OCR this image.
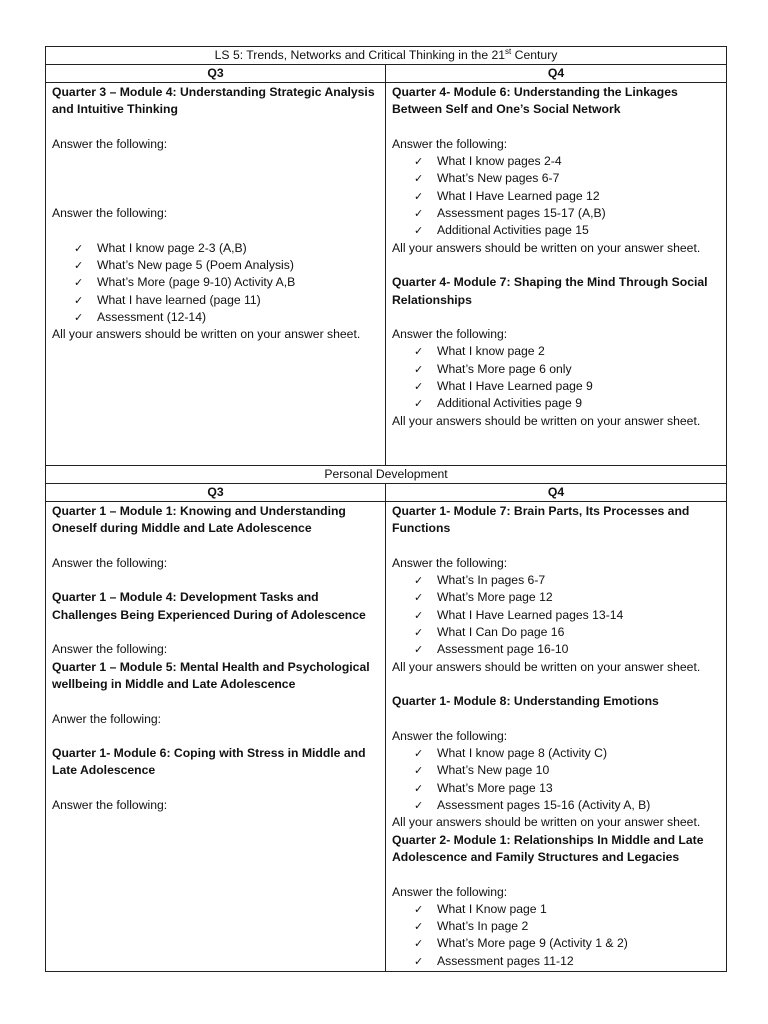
LS 5: Trends, Networks and Critical Thinking in the 21st Century
Q3	Q4
Quarter 3 – Module 4: Understanding Strategic Analysis and Intuitive Thinking
Answer the following:
Answer the following:
✓ What I know page 2-3 (A,B)
✓ What’s New page 5 (Poem Analysis)
✓ What’s More (page 9-10) Activity A,B
✓ What I have learned (page 11)
✓ Assessment (12-14)
All your answers should be written on your answer sheet.
Quarter 4- Module 6: Understanding the Linkages Between Self and One’s Social Network
Answer the following:
✓ What I know pages 2-4
✓ What’s New pages 6-7
✓ What I Have Learned page 12
✓ Assessment pages 15-17 (A,B)
✓ Additional Activities page 15
All your answers should be written on your answer sheet.
Quarter 4- Module 7: Shaping the Mind Through Social Relationships
Answer the following:
✓ What I know page 2
✓ What’s More page 6 only
✓ What I Have Learned page 9
✓ Additional Activities page 9
All your answers should be written on your answer sheet.
Personal Development
Q3	Q4
Quarter 1 – Module 1: Knowing and Understanding Oneself during Middle and Late Adolescence
Answer the following:
Quarter 1 – Module 4: Development Tasks and Challenges Being Experienced During of Adolescence
Answer the following:
Quarter 1 – Module 5: Mental Health and Psychological wellbeing in Middle and Late Adolescence
Anwer the following:
Quarter 1- Module 6: Coping with Stress in Middle and Late Adolescence
Answer the following:
Quarter 1- Module 7: Brain Parts, Its Processes and Functions
Answer the following:
✓ What’s In pages 6-7
✓ What’s More page 12
✓ What I Have Learned pages 13-14
✓ What I Can Do page 16
✓ Assessment page 16-10
All your answers should be written on your answer sheet.
Quarter 1- Module 8: Understanding Emotions
Answer the following:
✓ What I know page 8 (Activity C)
✓ What’s New page 10
✓ What’s More page 13
✓ Assessment pages 15-16 (Activity A, B)
All your answers should be written on your answer sheet.
Quarter 2- Module 1: Relationships In Middle and Late Adolescence and Family Structures and Legacies
Answer the following:
✓ What I Know page 1
✓ What’s In page 2
✓ What’s More page 9 (Activity 1 & 2)
✓ Assessment pages 11-12
